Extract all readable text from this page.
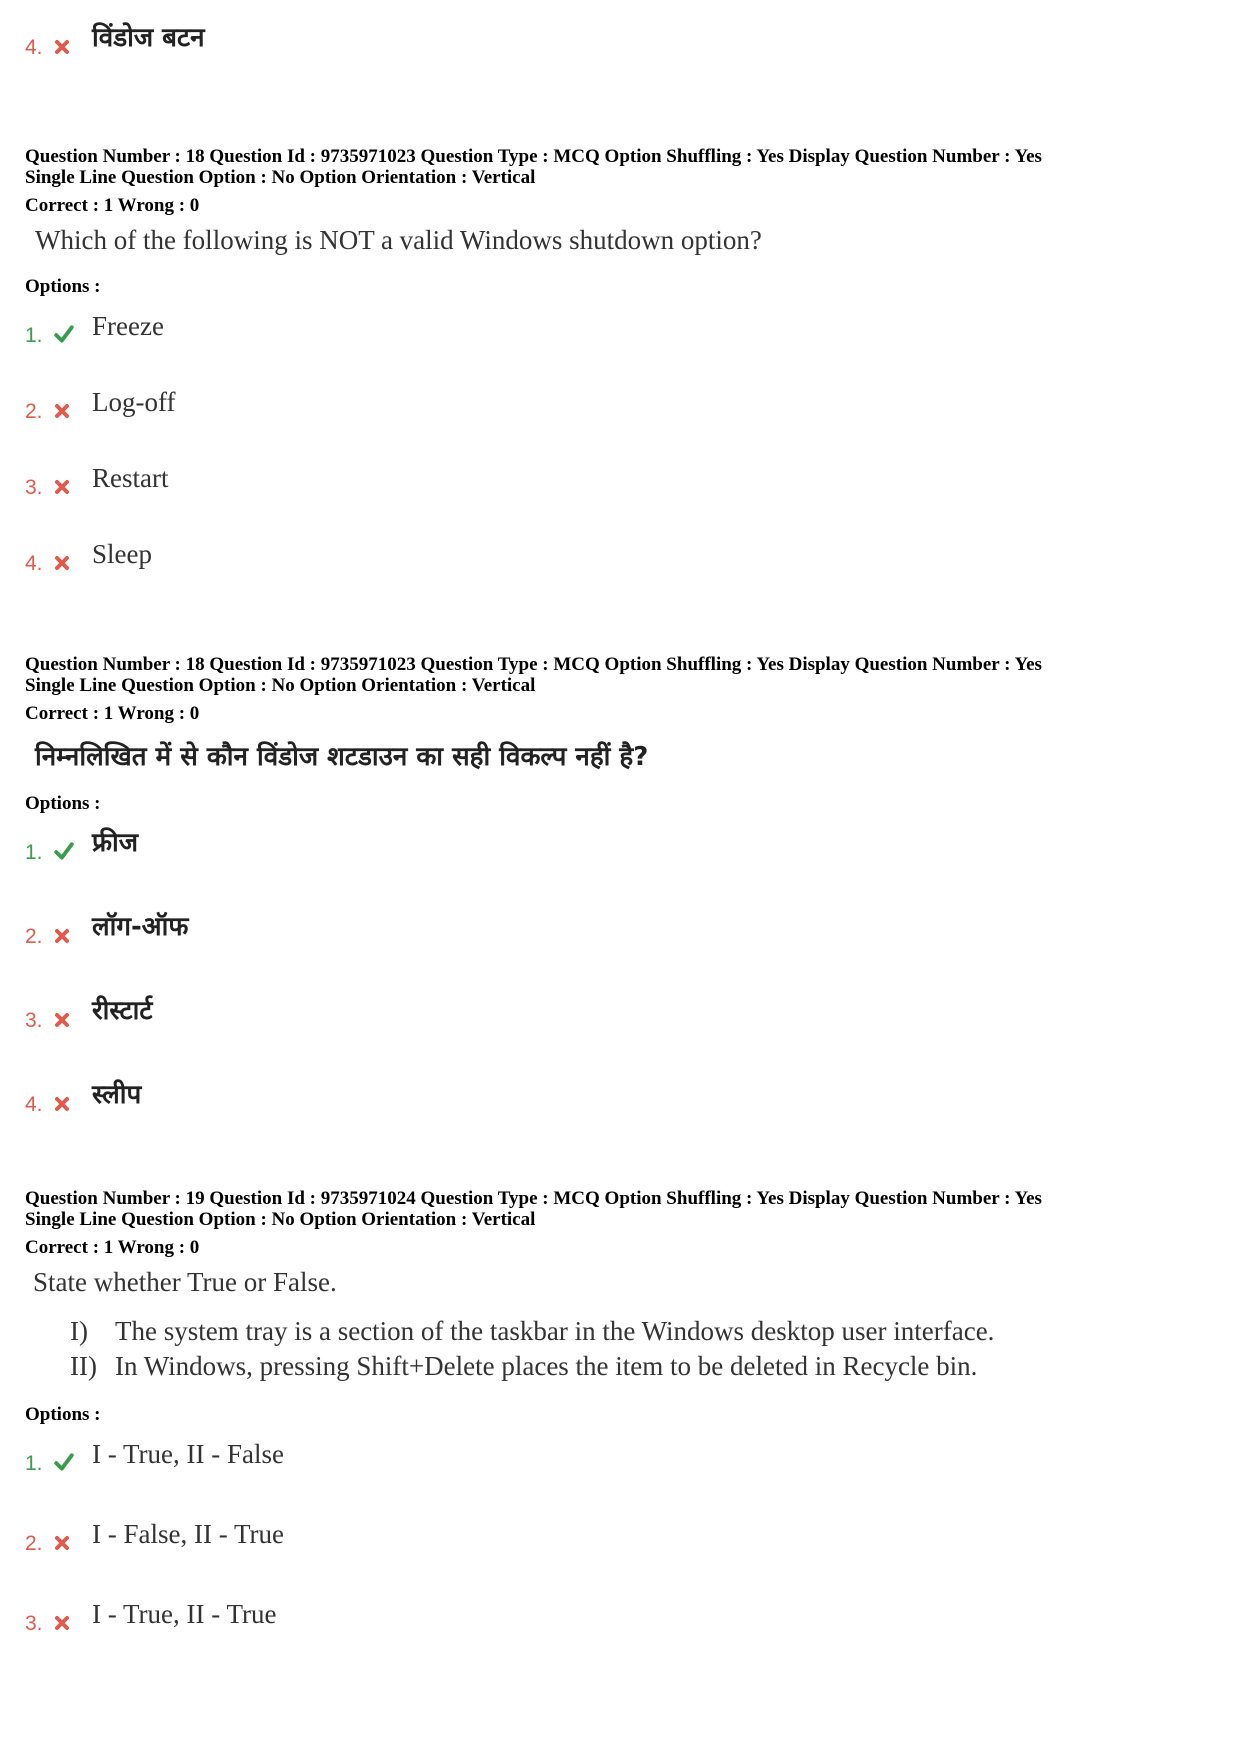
4. विंडोज बटन
Question Number : 18 Question Id : 9735971023 Question Type : MCQ Option Shuffling : Yes Display Question Number : Yes
Single Line Question Option : No Option Orientation : Vertical
Correct : 1 Wrong : 0
Which of the following is NOT a valid Windows shutdown option?
Options :
1. Freeze
2. Log-off
3. Restart
4. Sleep
Question Number : 18 Question Id : 9735971023 Question Type : MCQ Option Shuffling : Yes Display Question Number : Yes
Single Line Question Option : No Option Orientation : Vertical
Correct : 1 Wrong : 0
निम्नलिखित में से कौन विंडोज शटडाउन का सही विकल्प नहीं है?
Options :
1. फ्रीज
2. लॉग-ऑफ
3. रीस्टार्ट
4. स्लीप
Question Number : 19 Question Id : 9735971024 Question Type : MCQ Option Shuffling : Yes Display Question Number : Yes
Single Line Question Option : No Option Orientation : Vertical
Correct : 1 Wrong : 0
State whether True or False.
I) The system tray is a section of the taskbar in the Windows desktop user interface.
II) In Windows, pressing Shift+Delete places the item to be deleted in Recycle bin.
Options :
1. I - True, II - False
2. I - False, II - True
3. I - True, II - True
